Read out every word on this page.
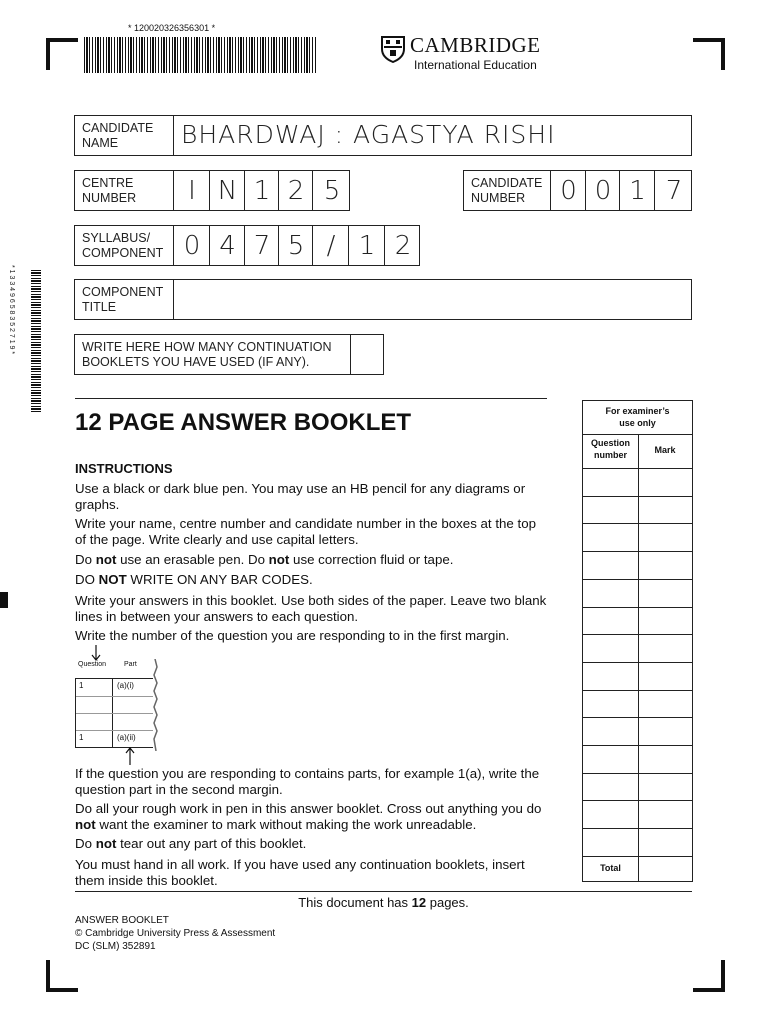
* 120020326356301 *
* 1 3 3 4 9 6 5 8 3 5 2 7 1 9 *
CAMBRIDGE
International Education
CANDIDATE
NAME	BHARDWAJ : AGASTYA RISHI
CENTRE
NUMBER	I N 1 2 5	CANDIDATE
NUMBER	0 0 1 7
SYLLABUS/
COMPONENT 0 4 7 5 / 1 2
COMPONENT
TITLE
WRITE HERE HOW MANY CONTINUATION
BOOKLETS YOU HAVE USED (IF ANY).
12 PAGE ANSWER BOOKLET
INSTRUCTIONS
Use a black or dark blue pen. You may use an HB pencil for any diagrams or graphs.
Write your name, centre number and candidate number in the boxes at the top of the page. Write clearly and use capital letters.
Do not use an erasable pen. Do not use correction fluid or tape.
DO NOT WRITE ON ANY BAR CODES.
Write your answers in this booklet. Use both sides of the paper. Leave two blank lines in between your answers to each question.
Write the number of the question you are responding to in the first margin.
Question	Part
1	(a)(i)
1	(a)(ii)
If the question you are responding to contains parts, for example 1(a), write the question part in the second margin.
Do all your rough work in pen in this answer booklet. Cross out anything you do not want the examiner to mark without making the work unreadable.
Do not tear out any part of this booklet.
You must hand in all work. If you have used any continuation booklets, insert them inside this booklet.
For examiner’s
use only
Question
number	Mark
Total
This document has 12 pages.
ANSWER BOOKLET
© Cambridge University Press & Assessment
DC (SLM) 352891
